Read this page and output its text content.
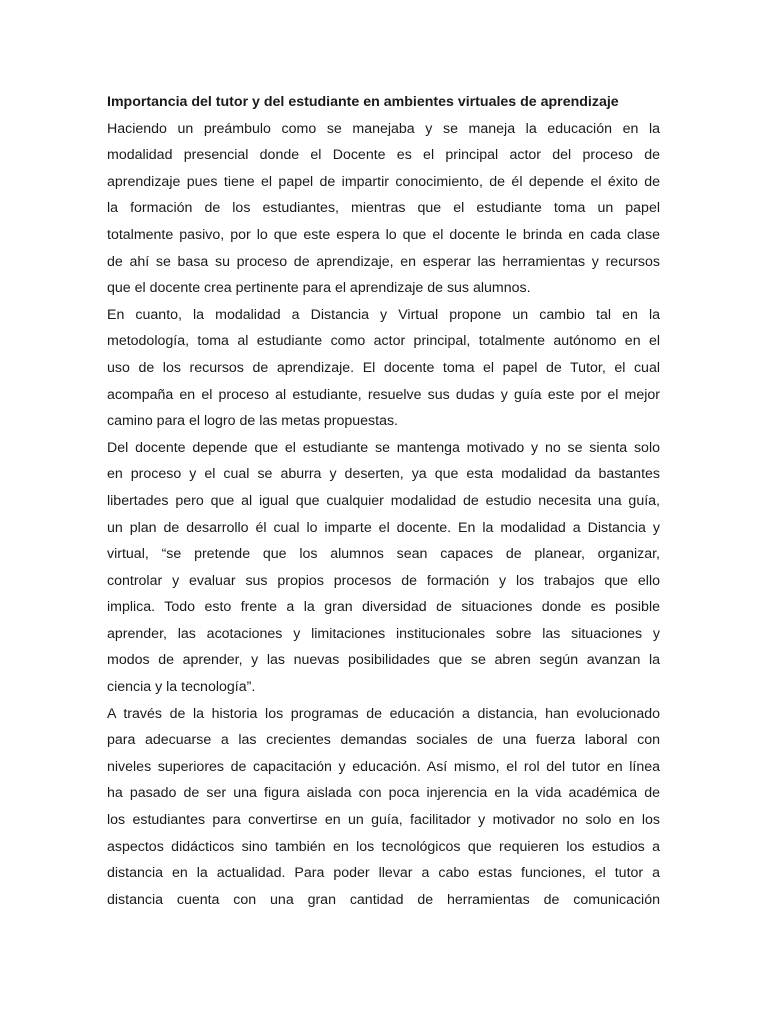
Importancia del tutor y del estudiante en ambientes virtuales de aprendizaje

Haciendo un preámbulo como se manejaba y se maneja la educación en la
modalidad presencial donde el Docente es el principal actor del proceso de
aprendizaje pues tiene el papel de impartir conocimiento, de él depende el éxito de
la formación de los estudiantes, mientras que el estudiante toma un papel
totalmente pasivo, por lo que este espera lo que el docente le brinda en cada clase
de ahí se basa su proceso de aprendizaje, en esperar las herramientas y recursos
que el docente crea pertinente para el aprendizaje de sus alumnos.

En cuanto, la modalidad a Distancia y Virtual propone un cambio tal en la
metodología, toma al estudiante como actor principal, totalmente autónomo en el
uso de los recursos de aprendizaje. El docente toma el papel de Tutor, el cual
acompaña en el proceso al estudiante, resuelve sus dudas y guía este por el mejor
camino para el logro de las metas propuestas.

Del docente depende que el estudiante se mantenga motivado y no se sienta solo
en proceso y el cual se aburra y deserten, ya que esta modalidad da bastantes
libertades pero que al igual que cualquier modalidad de estudio necesita una guía,
un plan de desarrollo él cual lo imparte el docente. En la modalidad a Distancia y
virtual, “se pretende que los alumnos sean capaces de planear, organizar,
controlar y evaluar sus propios procesos de formación y los trabajos que ello
implica. Todo esto frente a la gran diversidad de situaciones donde es posible
aprender, las acotaciones y limitaciones institucionales sobre las situaciones y
modos de aprender, y las nuevas posibilidades que se abren según avanzan la
ciencia y la tecnología”.

A través de la historia los programas de educación a distancia, han evolucionado
para adecuarse a las crecientes demandas sociales de una fuerza laboral con
niveles superiores de capacitación y educación. Así mismo, el rol del tutor en línea
ha pasado de ser una figura aislada con poca injerencia en la vida académica de
los estudiantes para convertirse en un guía, facilitador y motivador no solo en los
aspectos didácticos sino también en los tecnológicos que requieren los estudios a
distancia en la actualidad. Para poder llevar a cabo estas funciones, el tutor a
distancia cuenta con una gran cantidad de herramientas de comunicación
